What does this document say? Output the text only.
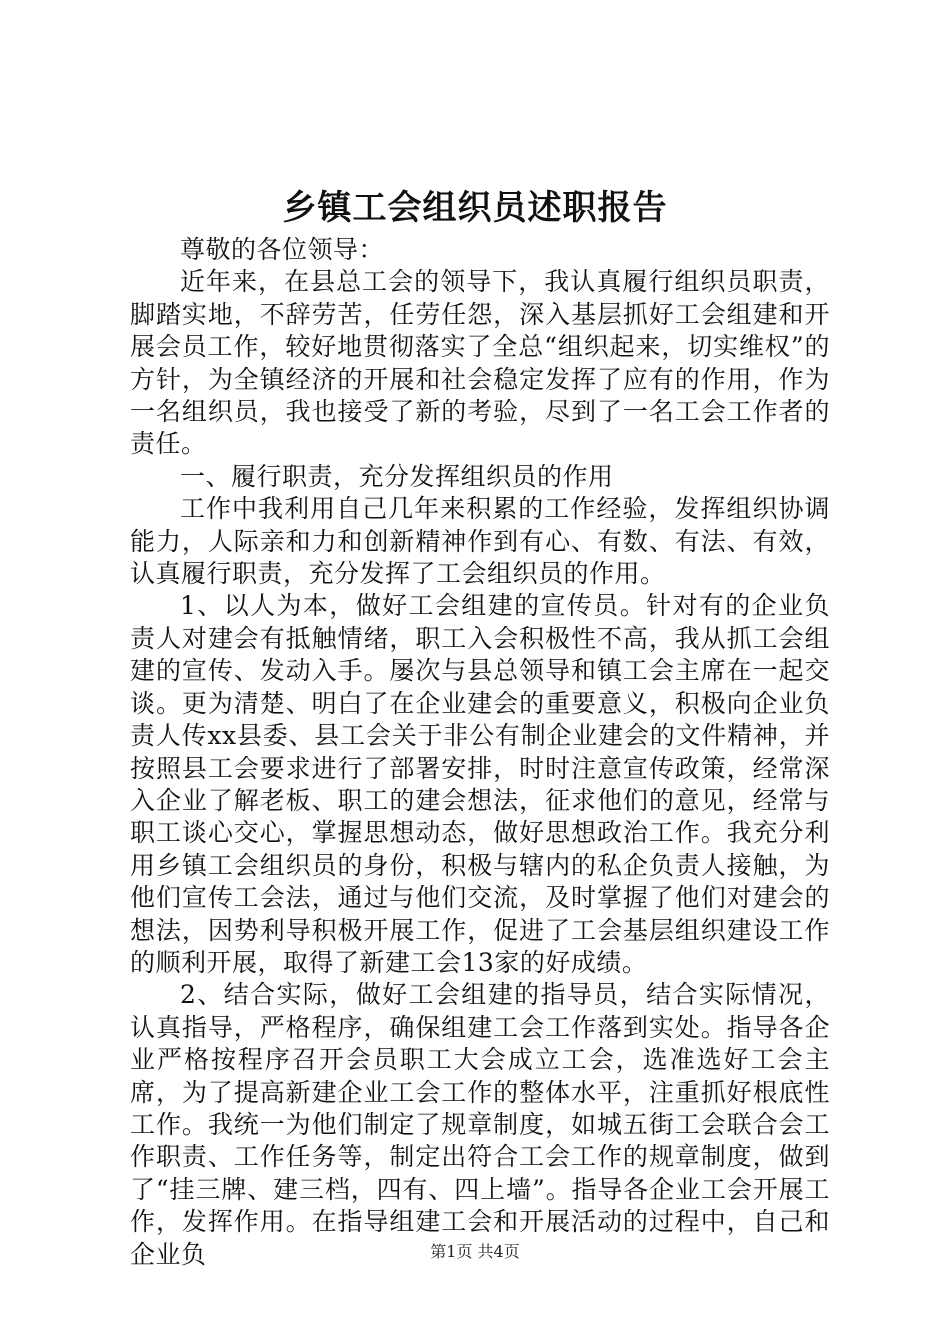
乡镇工会组织员述职报告

尊敬的各位领导：

近年来，在县总工会的领导下，我认真履行组织员职责，脚踏实地，不辞劳苦，任劳任怨，深入基层抓好工会组建和开展会员工作，较好地贯彻落实了全总“组织起来，切实维权”的方针，为全镇经济的开展和社会稳定发挥了应有的作用，作为一名组织员，我也接受了新的考验，尽到了一名工会工作者的责任。

一、履行职责，充分发挥组织员的作用

工作中我利用自己几年来积累的工作经验，发挥组织协调能力，人际亲和力和创新精神作到有心、有数、有法、有效，认真履行职责，充分发挥了工会组织员的作用。

1、以人为本，做好工会组建的宣传员。针对有的企业负责人对建会有抵触情绪，职工入会积极性不高，我从抓工会组建的宣传、发动入手。屡次与县总领导和镇工会主席在一起交谈。更为清楚、明白了在企业建会的重要意义，积极向企业负责人传xx县委、县工会关于非公有制企业建会的文件精神，并按照县工会要求进行了部署安排，时时注意宣传政策，经常深入企业了解老板、职工的建会想法，征求他们的意见，经常与职工谈心交心，掌握思想动态，做好思想政治工作。我充分利用乡镇工会组织员的身份，积极与辖内的私企负责人接触，为他们宣传工会法，通过与他们交流，及时掌握了他们对建会的想法，因势利导积极开展工作，促进了工会基层组织建设工作的顺利开展，取得了新建工会13家的好成绩。

2、结合实际，做好工会组建的指导员，结合实际情况，认真指导，严格程序，确保组建工会工作落到实处。指导各企业严格按程序召开会员职工大会成立工会，选准选好工会主席，为了提高新建企业工会工作的整体水平，注重抓好根底性工作。我统一为他们制定了规章制度，如城五街工会联合会工作职责、工作任务等，制定出符合工会工作的规章制度，做到了“挂三牌、建三档，四有、四上墙”。指导各企业工会开展工作，发挥作用。在指导组建工会和开展活动的过程中，自己和企业负	第1页 共4页
